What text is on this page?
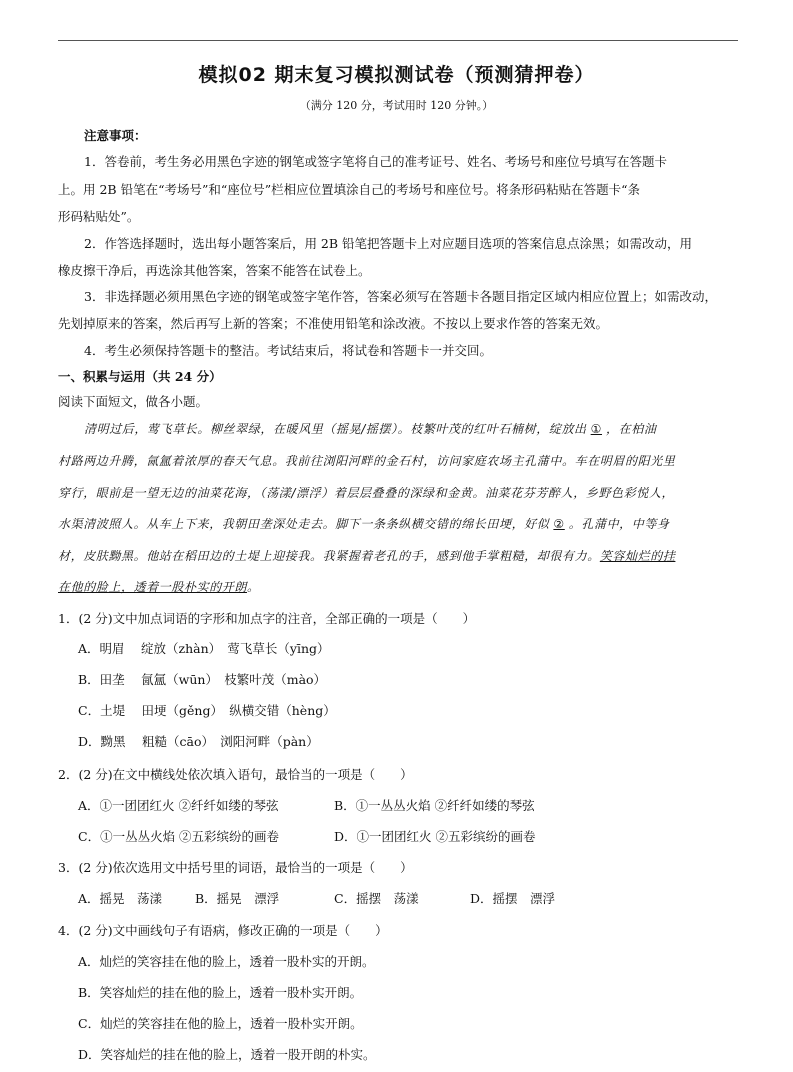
模拟02 期末复习模拟测试卷（预测猜押卷）
（满分 120 分，考试用时 120 分钟。）
注意事项：
1．答卷前，考生务必用黑色字迹的钢笔或签字笔将自己的准考证号、姓名、考场号和座位号填写在答题卡
上。用 2B 铅笔在“考场号”和“座位号”栏相应位置填涂自己的考场号和座位号。将条形码粘贴在答题卡“条
形码粘贴处”。
2．作答选择题时，选出每小题答案后，用 2B 铅笔把答题卡上对应题目选项的答案信息点涂黑；如需改动，用
橡皮擦干净后，再选涂其他答案，答案不能答在试卷上。
3．非选择题必须用黑色字迹的钢笔或签字笔作答，答案必须写在答题卡各题目指定区域内相应位置上；如需改动，
先划掉原来的答案，然后再写上新的答案；不准使用铅笔和涂改液。不按以上要求作答的答案无效。
4．考生必须保持答题卡的整洁。考试结束后，将试卷和答题卡一并交回。
一、积累与运用（共 24 分）
阅读下面短文，做各小题。
清明过后，莺飞草长。柳丝翠绿，在暖风里（摇晃/摇摆）。枝繁叶茂的红叶石楠树，绽放出 ① ，在柏油
村路两边升腾，氤氲着浓厚的春天气息。我前往浏阳河畔的金石村，访问家庭农场主孔蒲中。车在明眉的阳光里
穿行，眼前是一望无边的油菜花海，（荡漾/漂浮）着层层叠叠的深绿和金黄。油菜花芬芳醉人，乡野色彩悦人，
水渠清波照人。从车上下来，我朝田垄深处走去。脚下一条条纵横交错的绵长田埂，好似 ② 。孔蒲中，中等身
材，皮肤黝黑。他站在稻田边的土堤上迎接我。我紧握着老孔的手，感到他手掌粗糙，却很有力。笑容灿烂的挂
在他的脸上，透着一股朴实的开朗。
1．(2 分)文中加点词语的字形和加点字的注音，全部正确的一项是（　　）
A．明眉　 绽放（zhàn）　莺飞草长（yīng）
B．田垄　 氤氲（wūn）　枝繁叶茂（mào）
C．土堤　 田埂（gěng）　纵横交错（hèng）
D．黝黑　 粗糙（cāo）　浏阳河畔（pàn）
2．(2 分)在文中横线处依次填入语句，最恰当的一项是（　　）
A．①一团团红火 ②纤纤如缕的琴弦	B．①一丛丛火焰 ②纤纤如缕的琴弦
C．①一丛丛火焰 ②五彩缤纷的画卷	D．①一团团红火 ②五彩缤纷的画卷
3．(2 分)依次选用文中括号里的词语，最恰当的一项是（　　）
A．摇晃　荡漾	B．摇晃　漂浮	C．摇摆　荡漾	D．摇摆　漂浮
4．(2 分)文中画线句子有语病，修改正确的一项是（　　）
A．灿烂的笑容挂在他的脸上，透着一股朴实的开朗。
B．笑容灿烂的挂在他的脸上，透着一股朴实开朗。
C．灿烂的笑容挂在他的脸上，透着一股朴实开朗。
D．笑容灿烂的挂在他的脸上，透着一股开朗的朴实。
